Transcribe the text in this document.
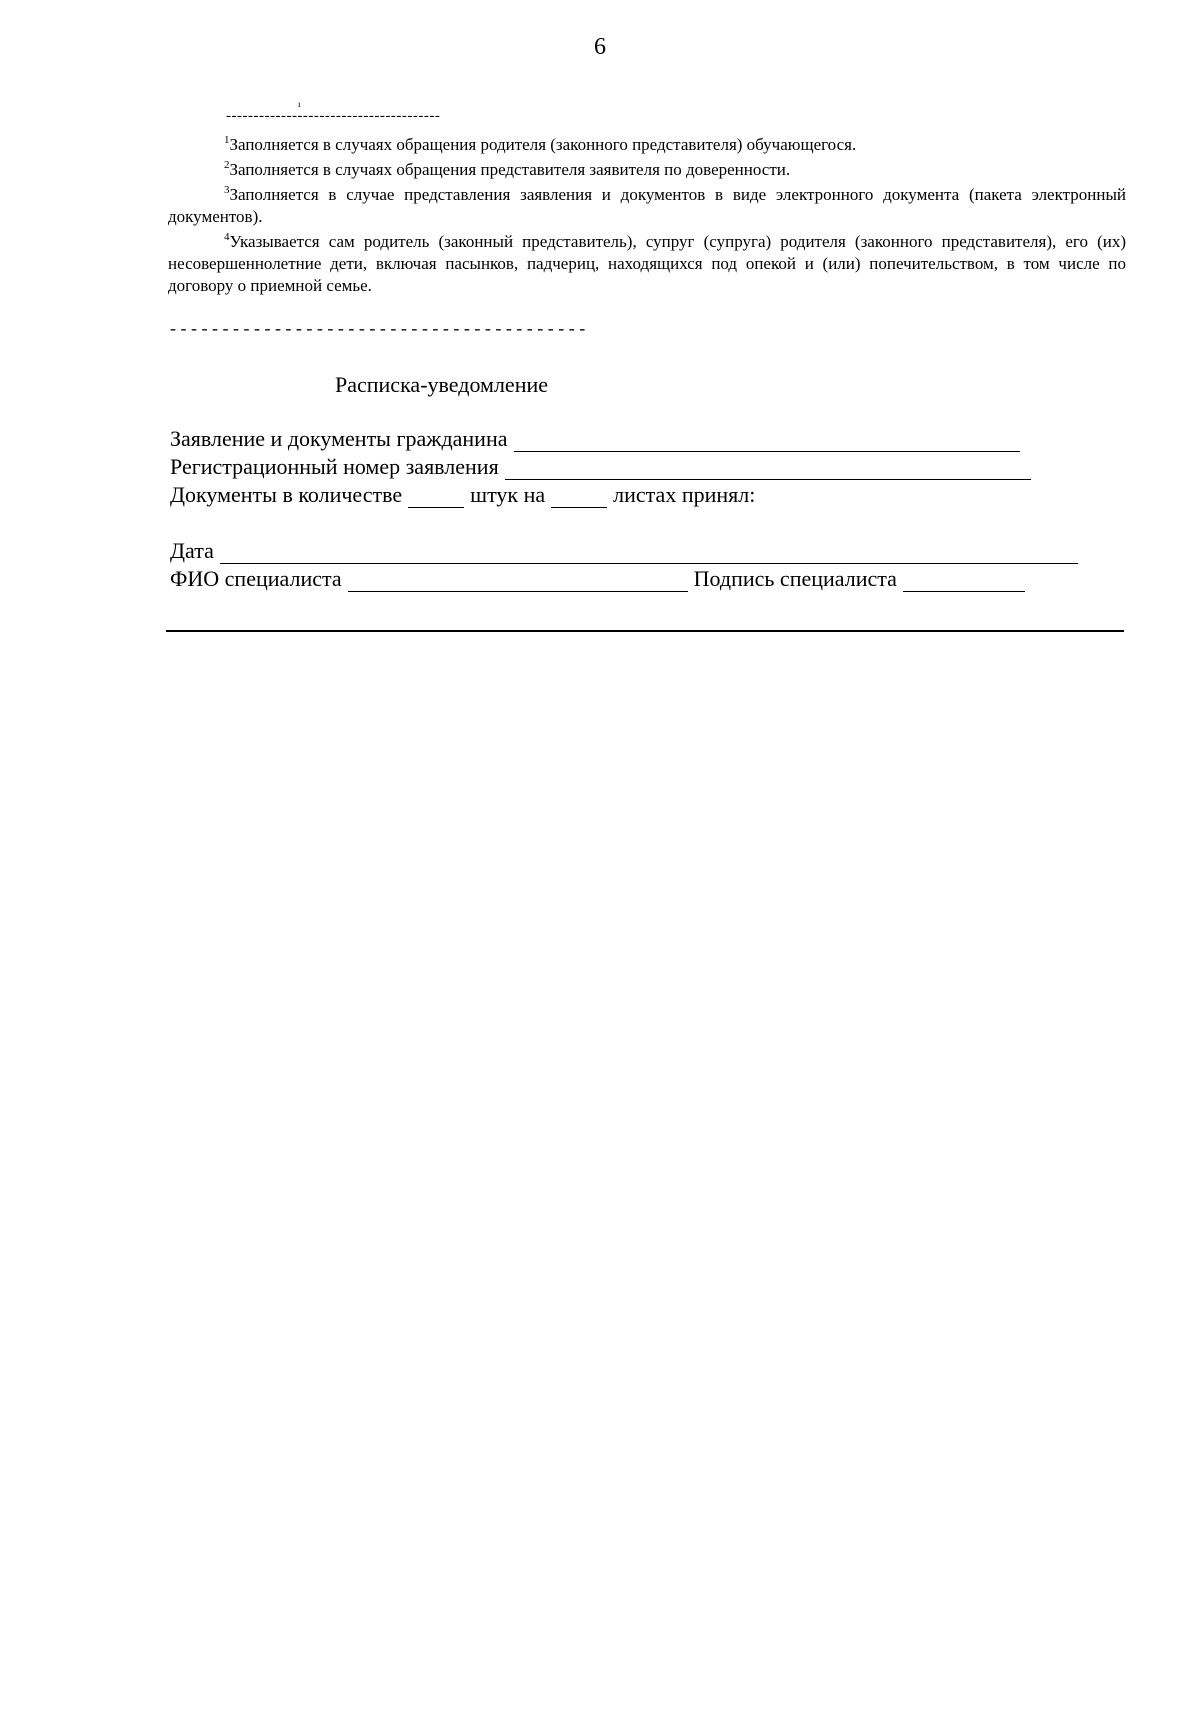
6
ı
---------------------------------------

$^1$Заполняется в случаях обращения родителя (законного представителя) обучающегося.

$^2$Заполняется в случаях обращения представителя заявителя по доверенности.

$^3$Заполняется в случае представления заявления и документов в виде электронного документа (пакета электронный документов).

$^4$Указывается сам родитель (законный представитель), супруг (супруга) родителя (законного представителя), его (их) несовершеннолетние дети, включая пасынков, падчериц, находящихся под опекой и (или) попечительством, в том числе по договору о приемной семье.

- - - - - - - - - - - - - - - - - - - - - - - - - - - - - - - - - - - - - - - -
Расписка-уведомление
Заявление и документы гражданина
Регистрационный номер заявления
Документы в количестве	штук на	листах принял:
Дата
ФИО специалиста	Подпись специалиста
